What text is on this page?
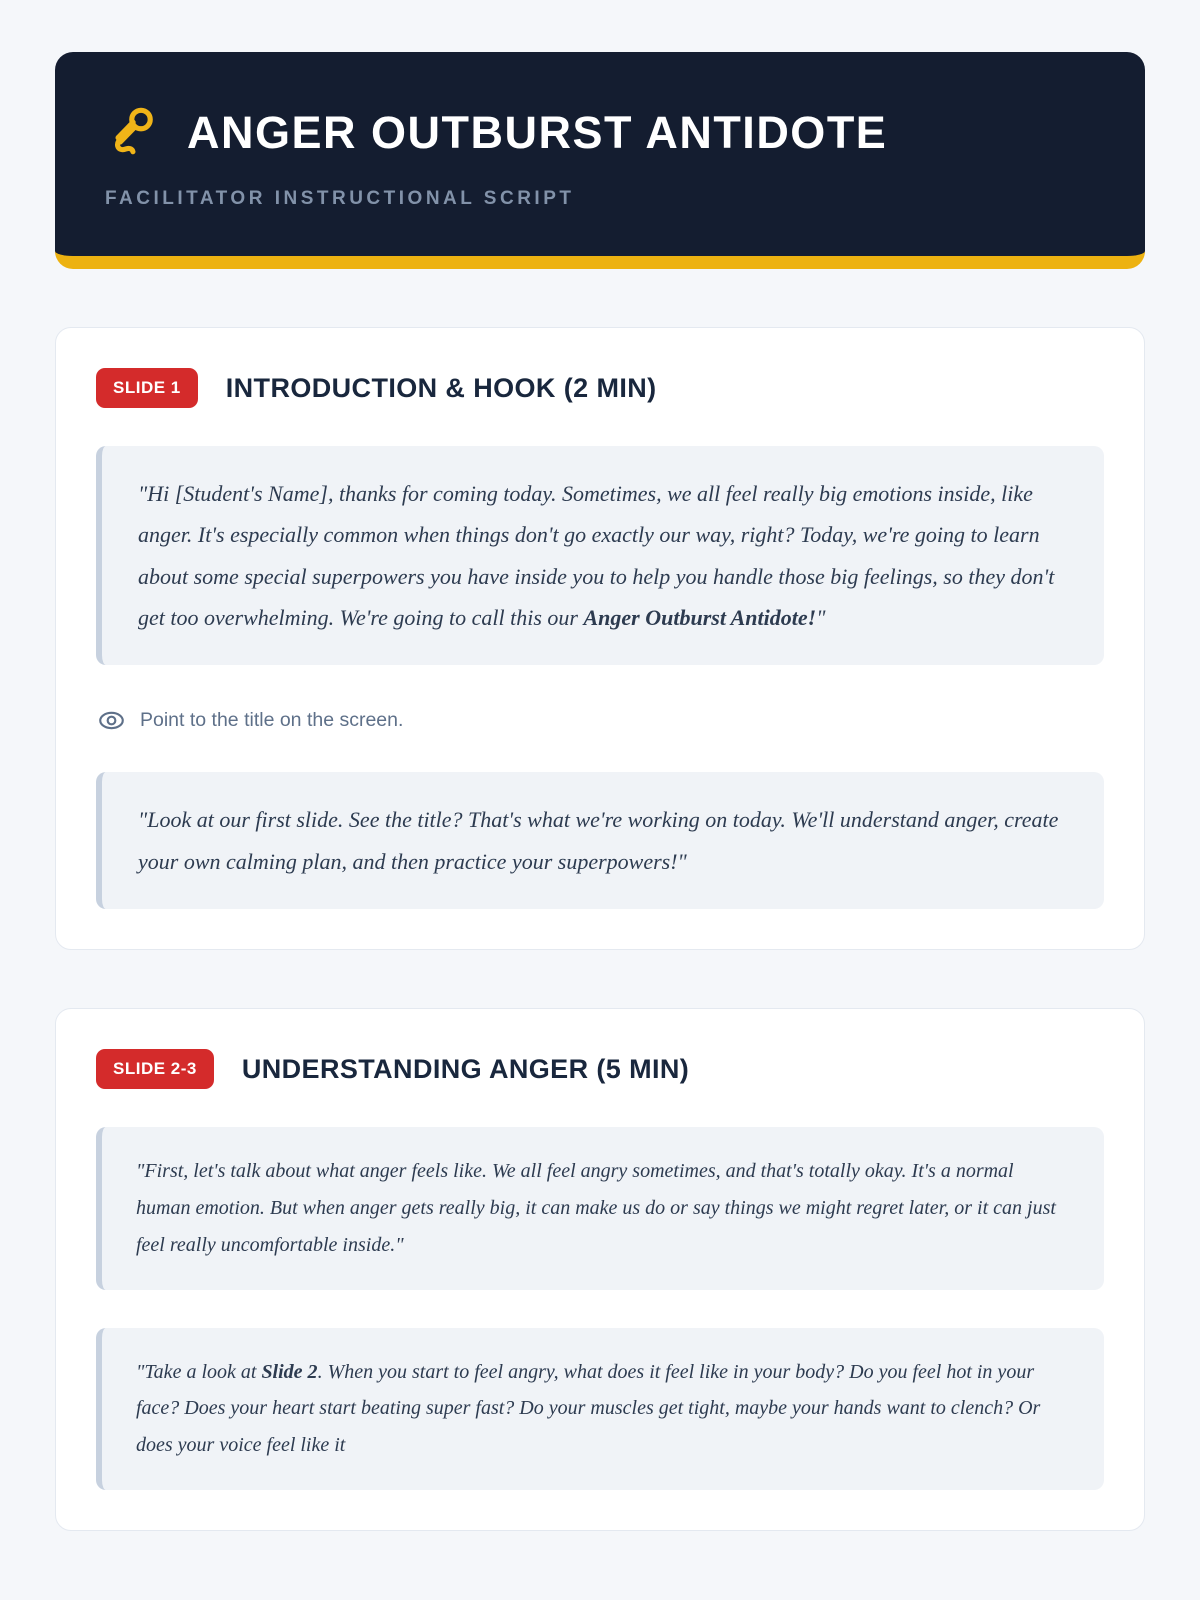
ANGER OUTBURST ANTIDOTE
FACILITATOR INSTRUCTIONAL SCRIPT
SLIDE 1	INTRODUCTION & HOOK (2 MIN)
"Hi [Student's Name], thanks for coming today. Sometimes, we all feel really big emotions inside, like anger. It's especially common when things don't go exactly our way, right? Today, we're going to learn about some special superpowers you have inside you to help you handle those big feelings, so they don't get too overwhelming. We're going to call this our Anger Outburst Antidote!"
Point to the title on the screen.
"Look at our first slide. See the title? That's what we're working on today. We'll understand anger, create your own calming plan, and then practice your superpowers!"
SLIDE 2-3	UNDERSTANDING ANGER (5 MIN)
"First, let's talk about what anger feels like. We all feel angry sometimes, and that's totally okay. It's a normal human emotion. But when anger gets really big, it can make us do or say things we might regret later, or it can just feel really uncomfortable inside."
"Take a look at Slide 2. When you start to feel angry, what does it feel like in your body? Do you feel hot in your face? Does your heart start beating super fast? Do your muscles get tight, maybe your hands want to clench? Or does your voice feel like it
